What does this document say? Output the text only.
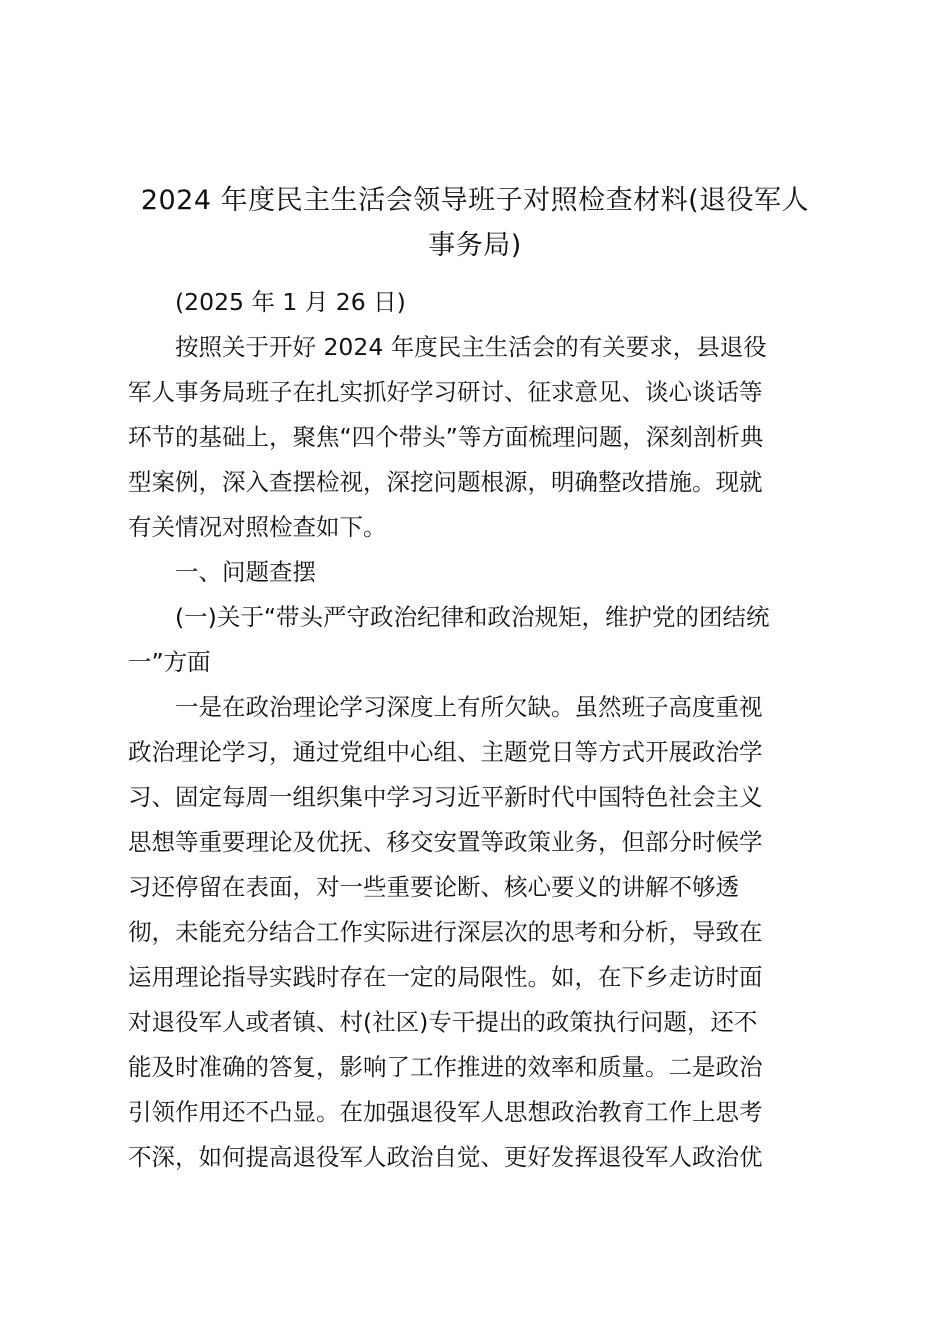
2024 年度民主生活会领导班子对照检查材料(退役军人
事务局)

(2025 年 1 月 26 日)

按照关于开好 2024 年度民主生活会的有关要求，县退役
军人事务局班子在扎实抓好学习研讨、征求意见、谈心谈话等
环节的基础上，聚焦“四个带头”等方面梳理问题，深刻剖析典
型案例，深入查摆检视，深挖问题根源，明确整改措施。现就
有关情况对照检查如下。

一、问题查摆

(一)关于“带头严守政治纪律和政治规矩，维护党的团结统
一”方面

一是在政治理论学习深度上有所欠缺。虽然班子高度重视
政治理论学习，通过党组中心组、主题党日等方式开展政治学
习、固定每周一组织集中学习习近平新时代中国特色社会主义
思想等重要理论及优抚、移交安置等政策业务，但部分时候学
习还停留在表面，对一些重要论断、核心要义的讲解不够透
彻，未能充分结合工作实际进行深层次的思考和分析，导致在
运用理论指导实践时存在一定的局限性。如，在下乡走访时面
对退役军人或者镇、村(社区)专干提出的政策执行问题，还不
能及时准确的答复，影响了工作推进的效率和质量。二是政治
引领作用还不凸显。在加强退役军人思想政治教育工作上思考
不深，如何提高退役军人政治自觉、更好发挥退役军人政治优
